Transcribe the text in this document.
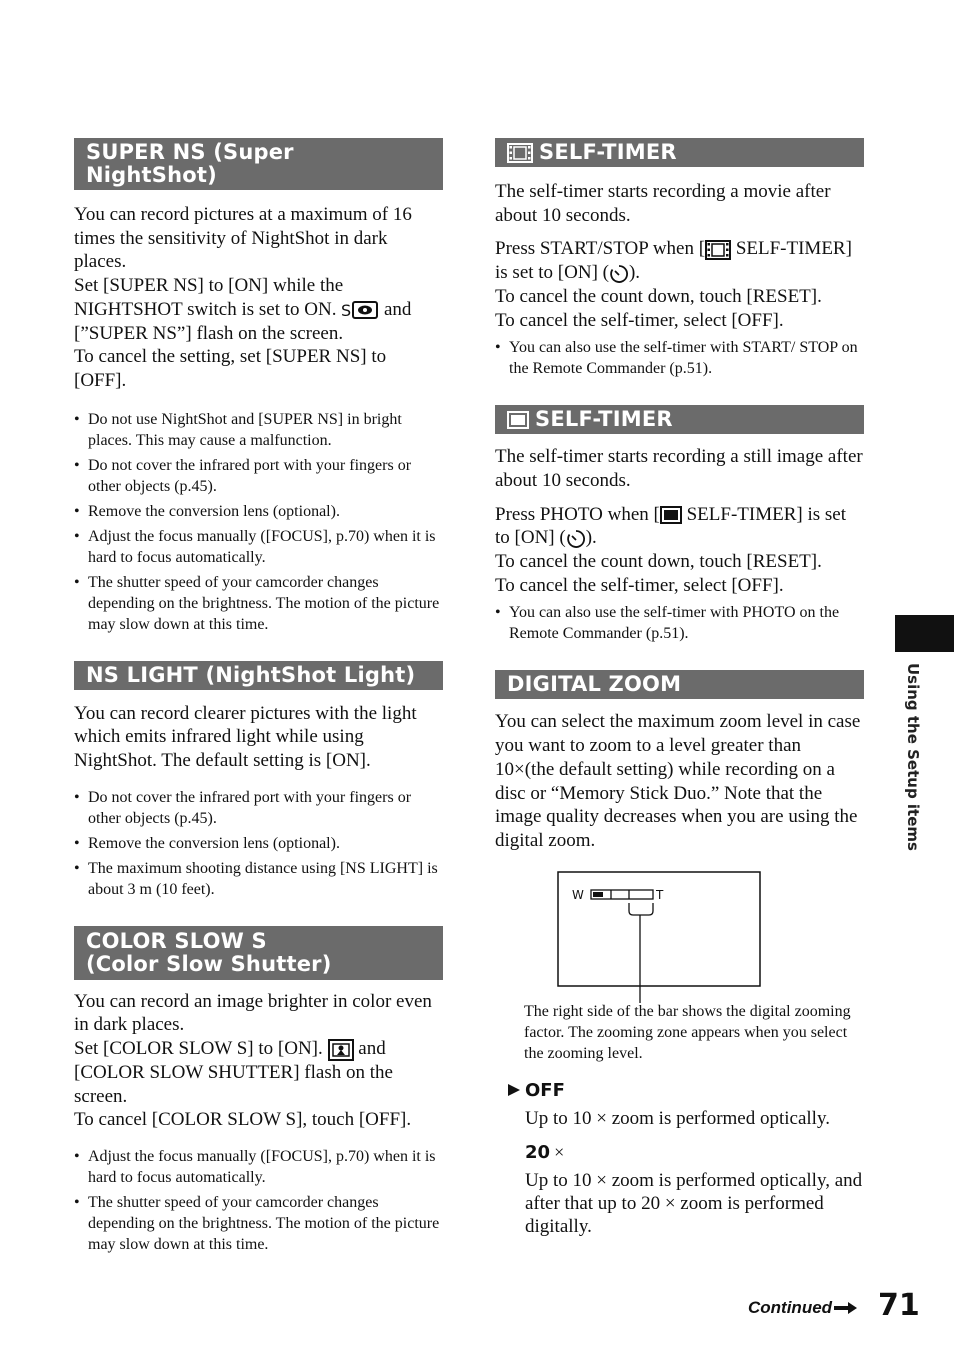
SUPER NS (Super NightShot)

You can record pictures at a maximum of 16 times the sensitivity of NightShot in dark places.

Set [SUPER NS] to [ON] while the NIGHTSHOT switch is set to ON. S and [”SUPER NS”] flash on the screen.

To cancel the setting, set [SUPER NS] to [OFF].

• Do not use NightShot and [SUPER NS] in bright places. This may cause a malfunction.
• Do not cover the infrared port with your fingers or other objects (p.45).
• Remove the conversion lens (optional).
• Adjust the focus manually ([FOCUS], p.70) when it is hard to focus automatically.
• The shutter speed of your camcorder changes depending on the brightness. The motion of the picture may slow down at this time.
NS LIGHT (NightShot Light)

You can record clearer pictures with the light which emits infrared light while using NightShot. The default setting is [ON].

• Do not cover the infrared port with your fingers or other objects (p.45).
• Remove the conversion lens (optional).
• The maximum shooting distance using [NS LIGHT] is about 3 m (10 feet).
COLOR SLOW S
(Color Slow Shutter)

You can record an image brighter in color even in dark places.

Set [COLOR SLOW S] to [ON]. and [COLOR SLOW SHUTTER] flash on the screen.

To cancel [COLOR SLOW S], touch [OFF].

• Adjust the focus manually ([FOCUS], p.70) when it is hard to focus automatically.
• The shutter speed of your camcorder changes depending on the brightness. The motion of the picture may slow down at this time.
SELF-TIMER

The self-timer starts recording a movie after about 10 seconds.

Press START/STOP when [ SELF-TIMER] is set to [ON] ( ).

To cancel the count down, touch [RESET].

To cancel the self-timer, select [OFF].

• You can also use the self-timer with START/ STOP on the Remote Commander (p.51).
SELF-TIMER

The self-timer starts recording a still image after about 10 seconds.

Press PHOTO when [ SELF-TIMER] is set to [ON] ( ).

To cancel the count down, touch [RESET].

To cancel the self-timer, select [OFF].

• You can also use the self-timer with PHOTO on the Remote Commander (p.51).
DIGITAL ZOOM

You can select the maximum zoom level in case you want to zoom to a level greater than 10×(the default setting) while recording on a disc or “Memory Stick Duo.” Note that the image quality decreases when you are using the digital zoom.

W	T
The right side of the bar shows the digital zooming factor. The zooming zone appears when you select the zooming level.
OFF
Up to 10 × zoom is performed optically.
20 ×
Up to 10 × zoom is performed optically, and after that up to 20 × zoom is performed digitally.
Using the Setup items
Continued 71
